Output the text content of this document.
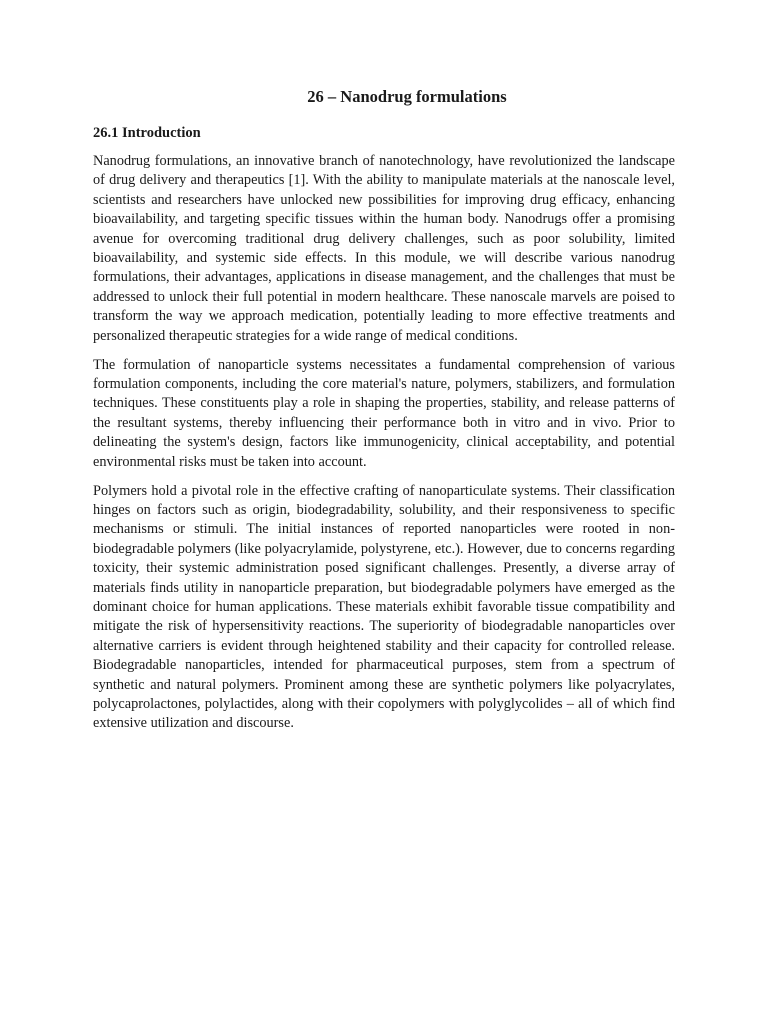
26 – Nanodrug formulations
26.1 Introduction

Nanodrug formulations, an innovative branch of nanotechnology, have revolutionized the landscape of drug delivery and therapeutics [1]. With the ability to manipulate materials at the nanoscale level, scientists and researchers have unlocked new possibilities for improving drug efficacy, enhancing bioavailability, and targeting specific tissues within the human body. Nanodrugs offer a promising avenue for overcoming traditional drug delivery challenges, such as poor solubility, limited bioavailability, and systemic side effects. In this module, we will describe various nanodrug formulations, their advantages, applications in disease management, and the challenges that must be addressed to unlock their full potential in modern healthcare. These nanoscale marvels are poised to transform the way we approach medication, potentially leading to more effective treatments and personalized therapeutic strategies for a wide range of medical conditions.

The formulation of nanoparticle systems necessitates a fundamental comprehension of various formulation components, including the core material's nature, polymers, stabilizers, and formulation techniques. These constituents play a role in shaping the properties, stability, and release patterns of the resultant systems, thereby influencing their performance both in vitro and in vivo. Prior to delineating the system's design, factors like immunogenicity, clinical acceptability, and potential environmental risks must be taken into account.

Polymers hold a pivotal role in the effective crafting of nanoparticulate systems. Their classification hinges on factors such as origin, biodegradability, solubility, and their responsiveness to specific mechanisms or stimuli. The initial instances of reported nanoparticles were rooted in non-biodegradable polymers (like polyacrylamide, polystyrene, etc.). However, due to concerns regarding toxicity, their systemic administration posed significant challenges. Presently, a diverse array of materials finds utility in nanoparticle preparation, but biodegradable polymers have emerged as the dominant choice for human applications. These materials exhibit favorable tissue compatibility and mitigate the risk of hypersensitivity reactions. The superiority of biodegradable nanoparticles over alternative carriers is evident through heightened stability and their capacity for controlled release. Biodegradable nanoparticles, intended for pharmaceutical purposes, stem from a spectrum of synthetic and natural polymers. Prominent among these are synthetic polymers like polyacrylates, polycaprolactones, polylactides, along with their copolymers with polyglycolides – all of which find extensive utilization and discourse.
